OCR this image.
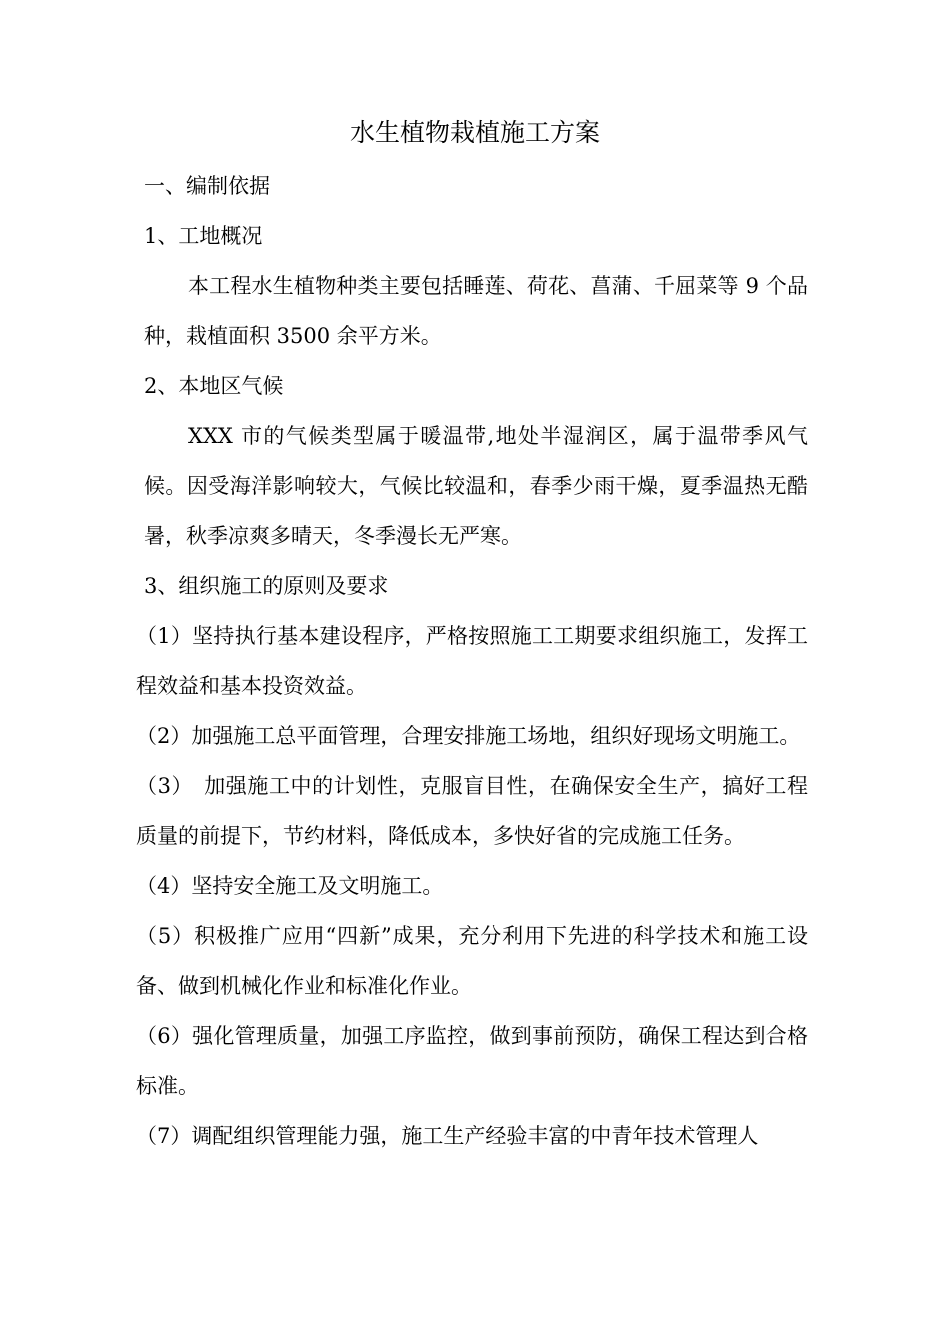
水生植物栽植施工方案

一、编制依据

1、工地概况

本工程水生植物种类主要包括睡莲、荷花、菖蒲、千屈菜等 9 个品种，栽植面积 3500 余平方米。

2、本地区气候

XXX 市的气候类型属于暖温带,地处半湿润区，属于温带季风气候。因受海洋影响较大，气候比较温和，春季少雨干燥，夏季温热无酷暑，秋季凉爽多晴天，冬季漫长无严寒。

3、组织施工的原则及要求

（1）坚持执行基本建设程序，严格按照施工工期要求组织施工，发挥工程效益和基本投资效益。

（2）加强施工总平面管理，合理安排施工场地，组织好现场文明施工。

（3）　加强施工中的计划性，克服盲目性，在确保安全生产，搞好工程质量的前提下，节约材料，降低成本，多快好省的完成施工任务。

（4）坚持安全施工及文明施工。

（5）积极推广应用“四新”成果，充分利用下先进的科学技术和施工设备、做到机械化作业和标准化作业。

（6）强化管理质量，加强工序监控，做到事前预防，确保工程达到合格标准。

（7）调配组织管理能力强，施工生产经验丰富的中青年技术管理人
